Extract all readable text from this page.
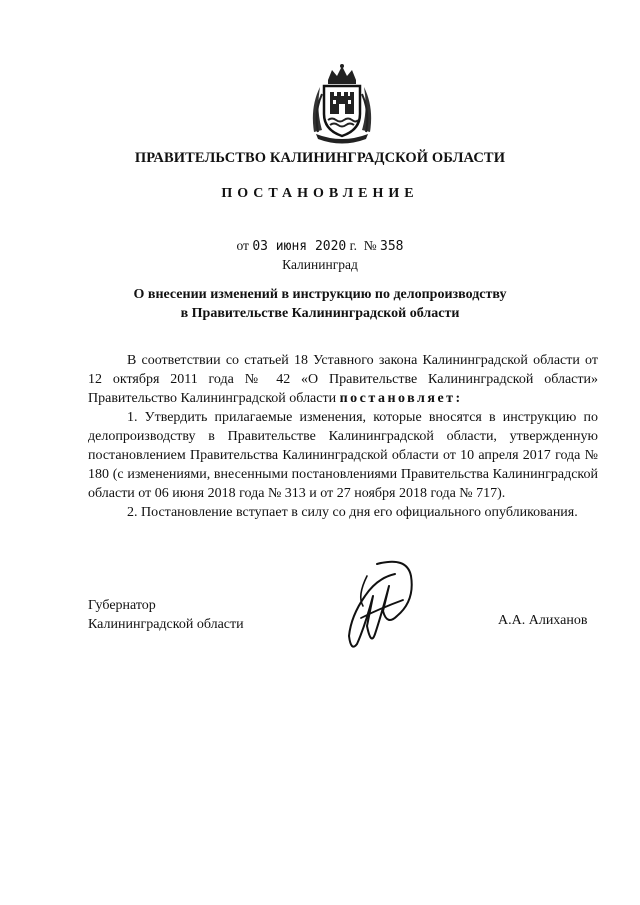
ПРАВИТЕЛЬСТВО КАЛИНИНГРАДСКОЙ ОБЛАСТИ
ПОСТАНОВЛЕНИЕ
от 03 июня 2020 г.  № 358
Калининград
О внесении изменений в инструкцию по делопроизводству
в Правительстве Калининградской области

В соответствии со статьей 18 Уставного закона Калининградской области от 12 октября 2011 года № 42 «О Правительстве Калининградской области» Правительство Калининградской области постановляет:

1. Утвердить прилагаемые изменения, которые вносятся в инструкцию по делопроизводству в Правительстве Калининградской области, утвержденную постановлением Правительства Калининградской области от 10 апреля 2017 года № 180 (с изменениями, внесенными постановлениями Правительства Калининградской области от 06 июня 2018 года № 313 и от 27 ноября 2018 года № 717).

2. Постановление вступает в силу со дня его официального опубликования.

Губернатор
Калининградской области	А.А. Алиханов
